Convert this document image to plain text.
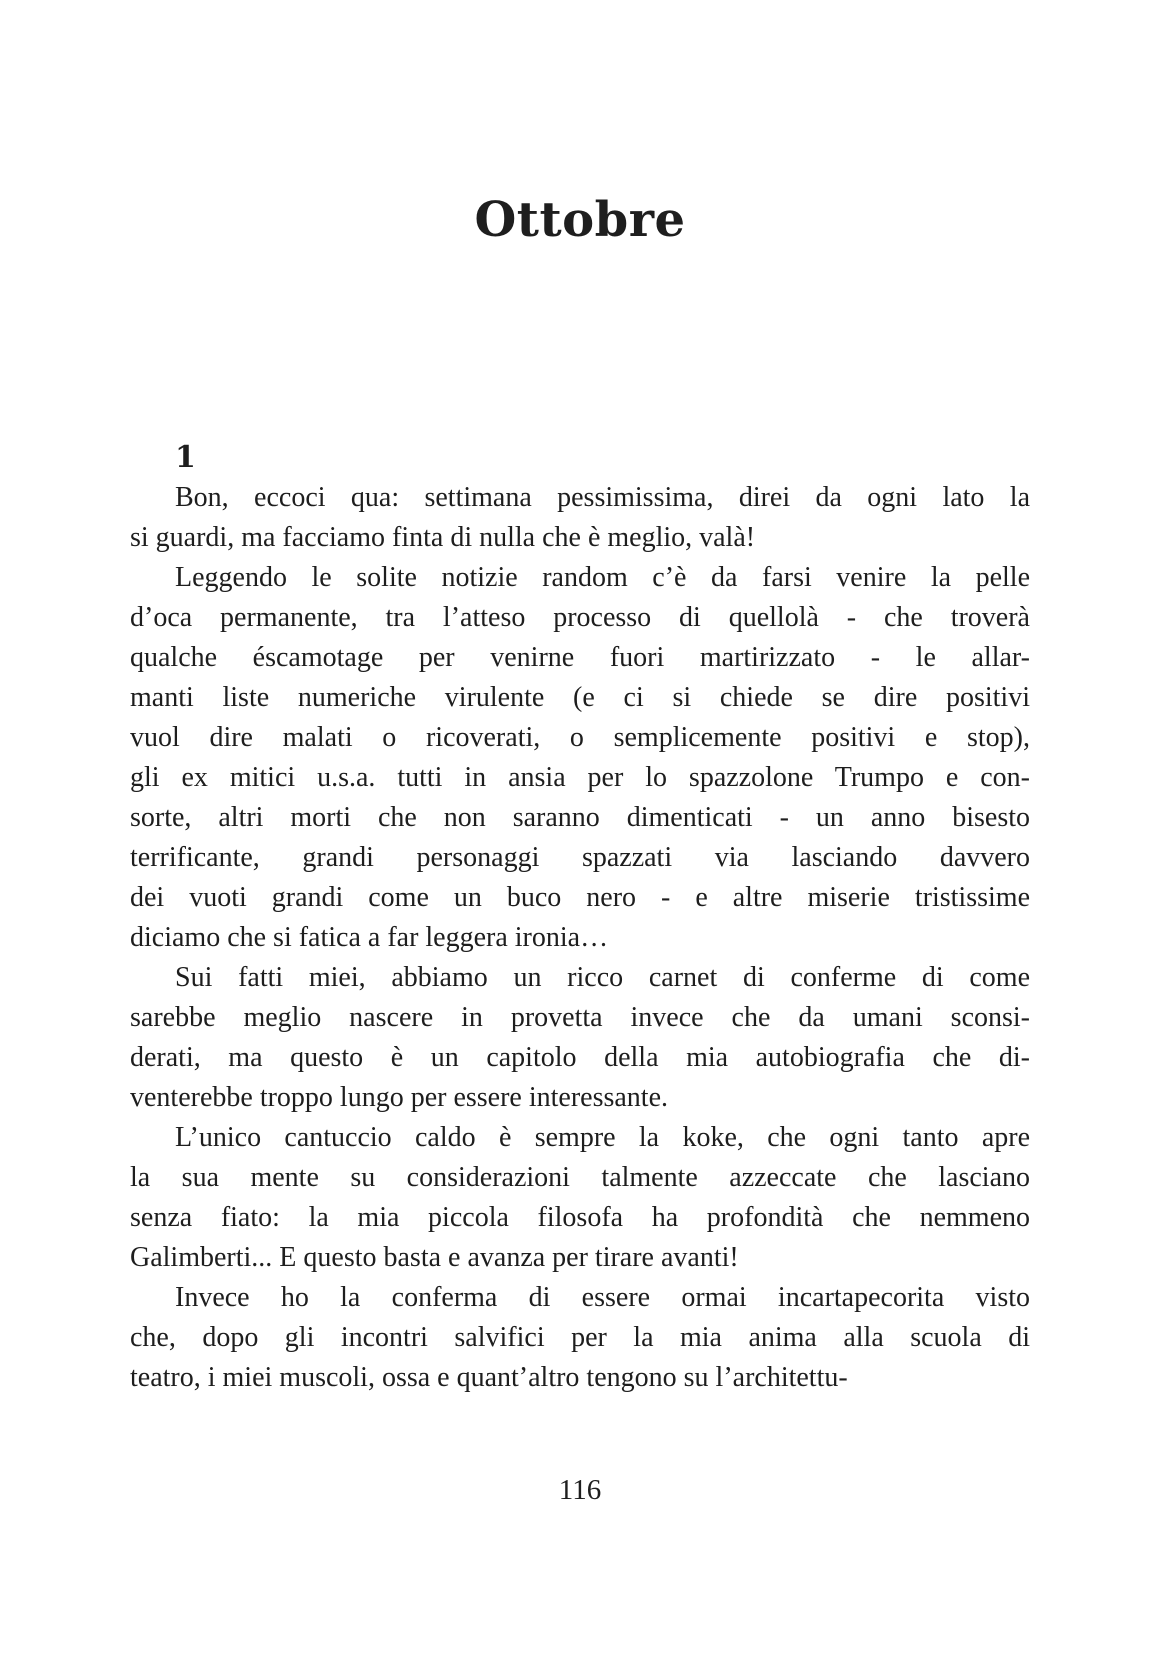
Ottobre
1
Bon, eccoci qua: settimana pessimissima, direi da ogni lato la
si guardi, ma facciamo finta di nulla che è meglio, valà!
Leggendo le solite notizie random c’è da farsi venire la pelle
d’oca permanente, tra l’atteso processo di quellolà - che troverà
qualche éscamotage per venirne fuori martirizzato - le allar-
manti liste numeriche virulente (e ci si chiede se dire positivi
vuol dire malati o ricoverati, o semplicemente positivi e stop),
gli ex mitici u.s.a. tutti in ansia per lo spazzolone Trumpo e con-
sorte, altri morti che non saranno dimenticati - un anno bisesto
terrificante, grandi personaggi spazzati via lasciando davvero
dei vuoti grandi come un buco nero - e altre miserie tristissime
diciamo che si fatica a far leggera ironia…
Sui fatti miei, abbiamo un ricco carnet di conferme di come
sarebbe meglio nascere in provetta invece che da umani sconsi-
derati, ma questo è un capitolo della mia autobiografia che di-
venterebbe troppo lungo per essere interessante.
L’unico cantuccio caldo è sempre la koke, che ogni tanto apre
la sua mente su considerazioni talmente azzeccate che lasciano
senza fiato: la mia piccola filosofa ha profondità che nemmeno
Galimberti... E questo basta e avanza per tirare avanti!
Invece ho la conferma di essere ormai incartapecorita visto
che, dopo gli incontri salvifici per la mia anima alla scuola di
teatro, i miei muscoli, ossa e quant’altro tengono su l’architettu-
116
